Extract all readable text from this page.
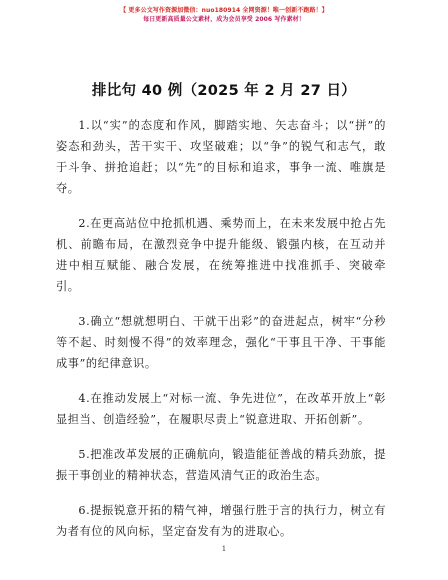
【 更多公文写作资源加微信：nuo180914 全网资源！唯一创新不跑路！】
每日更新高质量公文素材，成为会员享受 2006 写作素材！
排比句 40 例（2025 年 2 月 27 日）

1.以“实”的态度和作风，脚踏实地、矢志奋斗；以“拼”的姿态和劲头，苦干实干、攻坚破难；以“争”的锐气和志气，敢于斗争、拼抢追赶；以“先”的目标和追求，事争一流、唯旗是夺。

2.在更高站位中抢抓机遇、乘势而上，在未来发展中抢占先机、前瞻布局，在激烈竞争中提升能级、锻强内核，在互动并进中相互赋能、融合发展，在统筹推进中找准抓手、突破牵引。

3.确立“想就想明白、干就干出彩”的奋进起点，树牢“分秒等不起、时刻慢不得”的效率理念，强化“干事且干净、干事能成事”的纪律意识。

4.在推动发展上“对标一流、争先进位”，在改革开放上“彰显担当、创造经验”，在履职尽责上“锐意进取、开拓创新”。

5.把准改革发展的正确航向，锻造能征善战的精兵劲旅，提振干事创业的精神状态，营造风清气正的政治生态。

6.提振锐意开拓的精气神，增强行胜于言的执行力，树立有为者有位的风向标，坚定奋发有为的进取心。

1
